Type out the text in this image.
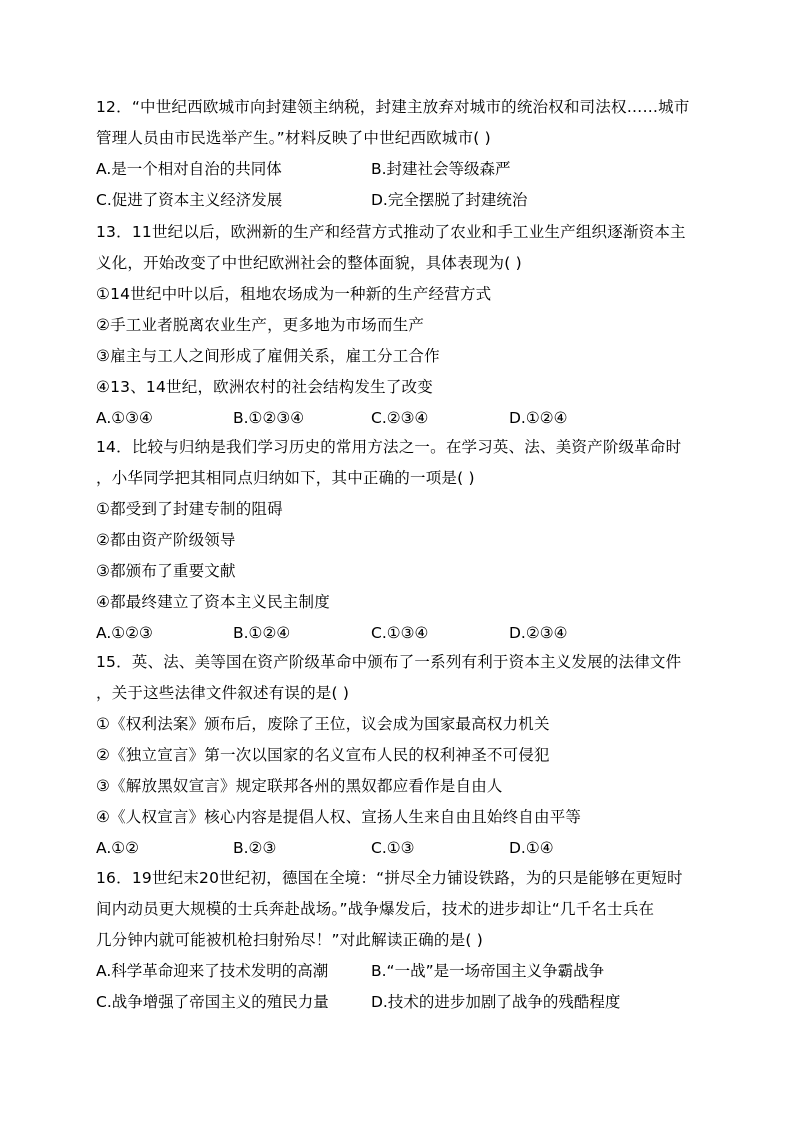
12．“中世纪西欧城市向封建领主纳税，封建主放弃对城市的统治权和司法权……城市
管理人员由市民选举产生。”材料反映了中世纪西欧城市( )
A.是一个相对自治的共同体	B.封建社会等级森严
C.促进了资本主义经济发展	D.完全摆脱了封建统治
13．11世纪以后，欧洲新的生产和经营方式推动了农业和手工业生产组织逐渐资本主
义化，开始改变了中世纪欧洲社会的整体面貌，具体表现为( )
①14世纪中叶以后，租地农场成为一种新的生产经营方式
②手工业者脱离农业生产，更多地为市场而生产
③雇主与工人之间形成了雇佣关系，雇工分工合作
④13、14世纪，欧洲农村的社会结构发生了改变
A.①③④	B.①②③④	C.②③④	D.①②④
14．比较与归纳是我们学习历史的常用方法之一。在学习英、法、美资产阶级革命时
，小华同学把其相同点归纳如下，其中正确的一项是( )
①都受到了封建专制的阻碍
②都由资产阶级领导
③都颁布了重要文献
④都最终建立了资本主义民主制度
A.①②③	B.①②④	C.①③④	D.②③④
15．英、法、美等国在资产阶级革命中颁布了一系列有利于资本主义发展的法律文件
，关于这些法律文件叙述有误的是( )
①《权利法案》颁布后，废除了王位，议会成为国家最高权力机关
②《独立宣言》第一次以国家的名义宣布人民的权利神圣不可侵犯
③《解放黑奴宣言》规定联邦各州的黑奴都应看作是自由人
④《人权宣言》核心内容是提倡人权、宣扬人生来自由且始终自由平等
A.①②	B.②③	C.①③	D.①④
16．19世纪末20世纪初，德国在全境：“拼尽全力铺设铁路，为的只是能够在更短时
间内动员更大规模的士兵奔赴战场。”战争爆发后，技术的进步却让“几千名士兵在
几分钟内就可能被机枪扫射殆尽！”对此解读正确的是( )
A.科学革命迎来了技术发明的高潮	B.“一战”是一场帝国主义争霸战争
C.战争增强了帝国主义的殖民力量	D.技术的进步加剧了战争的残酷程度
